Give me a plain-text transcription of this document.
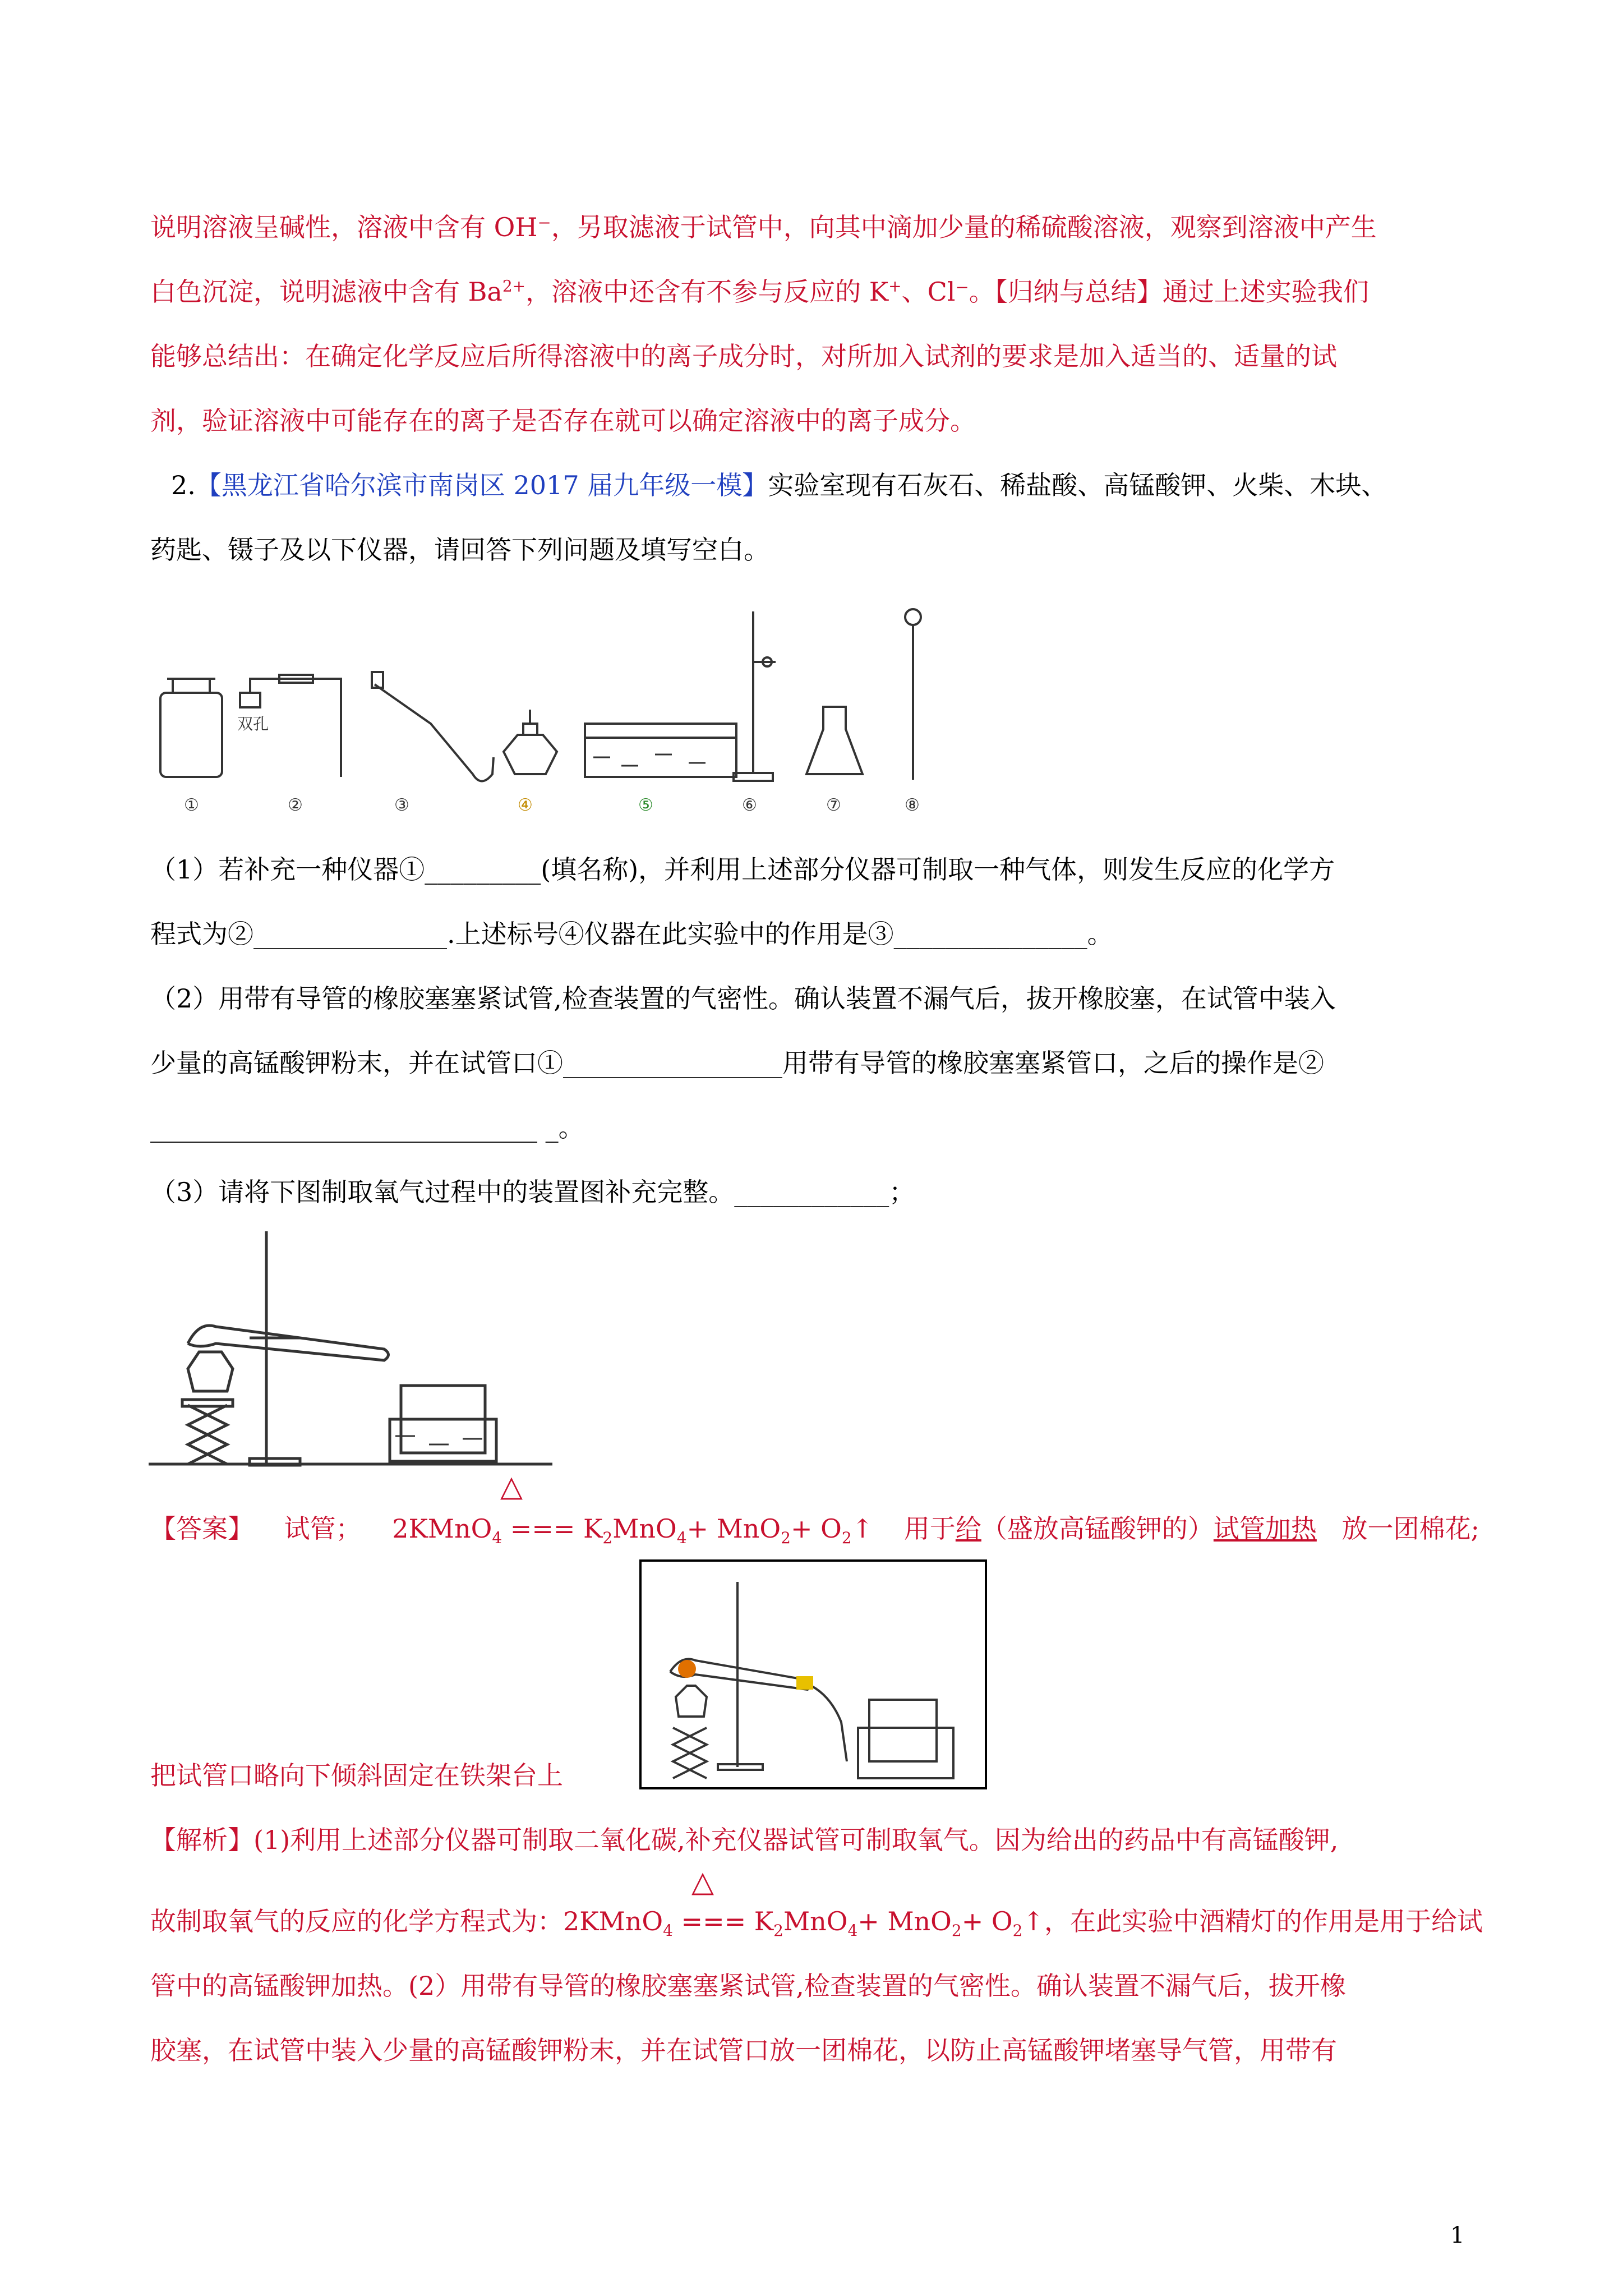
说明溶液呈碱性，溶液中含有 OH⁻，另取滤液于试管中，向其中滴加少量的稀硫酸溶液，观察到溶液中产生
白色沉淀，说明滤液中含有 $Ba^{2+}$，溶液中还含有不参与反应的 K+、Cl⁻。【归纳与总结】通过上述实验我们
能够总结出：在确定化学反应后所得溶液中的离子成分时，对所加入试剂的要求是加入适当的、适量的试
剂，验证溶液中可能存在的离子是否存在就可以确定溶液中的离子成分。
2.【黑龙江省哈尔滨市南岗区 2017 届九年级一模】实验室现有石灰石、稀盐酸、高锰酸钾、火柴、木块、
药匙、镊子及以下仪器，请回答下列问题及填写空白。
①	②	③	④	⑤	⑥	⑦	⑧
双孔
（1）若补充一种仪器①_________(填名称)，并利用上述部分仪器可制取一种气体，则发生反应的化学方
程式为②_______________.上述标号④仪器在此实验中的作用是③_______________。
（2）用带有导管的橡胶塞塞紧试管,检查装置的气密性。确认装置不漏气后，拔开橡胶塞，在试管中装入
少量的高锰酸钾粉末，并在试管口①_________________用带有导管的橡胶塞塞紧管口，之后的操作是②
______________________________ _。
（3）请将下图制取氧气过程中的装置图补充完整。____________；
【答案】 试管； 2KMnO$_4$ === $K_2MnO_4+ MnO_2+$ $O_2↑$ 用于给（盛放高锰酸钾的）试管加热 放一团棉花;
△
把试管口略向下倾斜固定在铁架台上
【解析】(1)利用上述部分仪器可制取二氧化碳,补充仪器试管可制取氧气。因为给出的药品中有高锰酸钾,
故制取氧气的反应的化学方程式为：2KMnO$_4$ === $K_2MnO_4+ MnO_2+$ $O_2↑$，在此实验中酒精灯的作用是用于给试
△
管中的高锰酸钾加热。(2）用带有导管的橡胶塞塞紧试管,检查装置的气密性。确认装置不漏气后，拔开橡
胶塞，在试管中装入少量的高锰酸钾粉末，并在试管口放一团棉花，以防止高锰酸钾堵塞导气管，用带有
1
